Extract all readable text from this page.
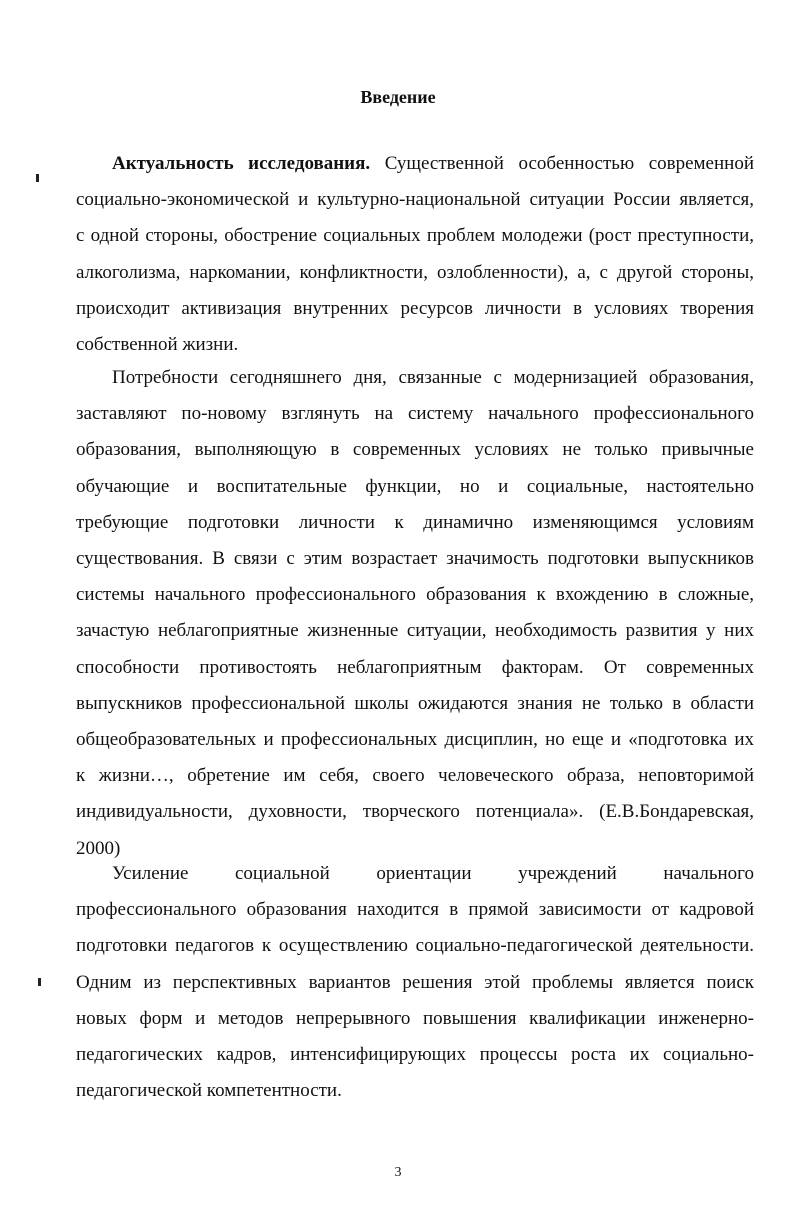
Введение
Актуальность исследования. Существенной особенностью современной
социально-экономической и культурно-национальной ситуации России является,
с одной стороны, обострение социальных проблем молодежи (рост преступности,
алкоголизма, наркомании, конфликтности, озлобленности), а, с другой стороны,
происходит активизация внутренних ресурсов личности в условиях творения
собственной жизни.
Потребности сегодняшнего дня, связанные с модернизацией образования,
заставляют по-новому взглянуть на систему начального профессионального
образования, выполняющую в современных условиях не только привычные
обучающие и воспитательные функции, но и социальные, настоятельно
требующие подготовки личности к динамично изменяющимся условиям
существования. В связи с этим возрастает значимость подготовки выпускников
системы начального профессионального образования к вхождению в сложные,
зачастую неблагоприятные жизненные ситуации, необходимость развития у них
способности противостоять неблагоприятным факторам. От современных
выпускников профессиональной школы ожидаются знания не только в области
общеобразовательных и профессиональных дисциплин, но еще и «подготовка их
к жизни…, обретение им себя, своего человеческого образа, неповторимой
индивидуальности, духовности, творческого потенциала». (Е.В.Бондаревская,
2000)
Усиление социальной ориентации учреждений начального
профессионального образования находится в прямой зависимости от кадровой
подготовки педагогов к осуществлению социально-педагогической деятельности.
Одним из перспективных вариантов решения этой проблемы является поиск
новых форм и методов непрерывного повышения квалификации инженерно-
педагогических кадров, интенсифицирующих процессы роста их социально-
педагогической компетентности.

3
